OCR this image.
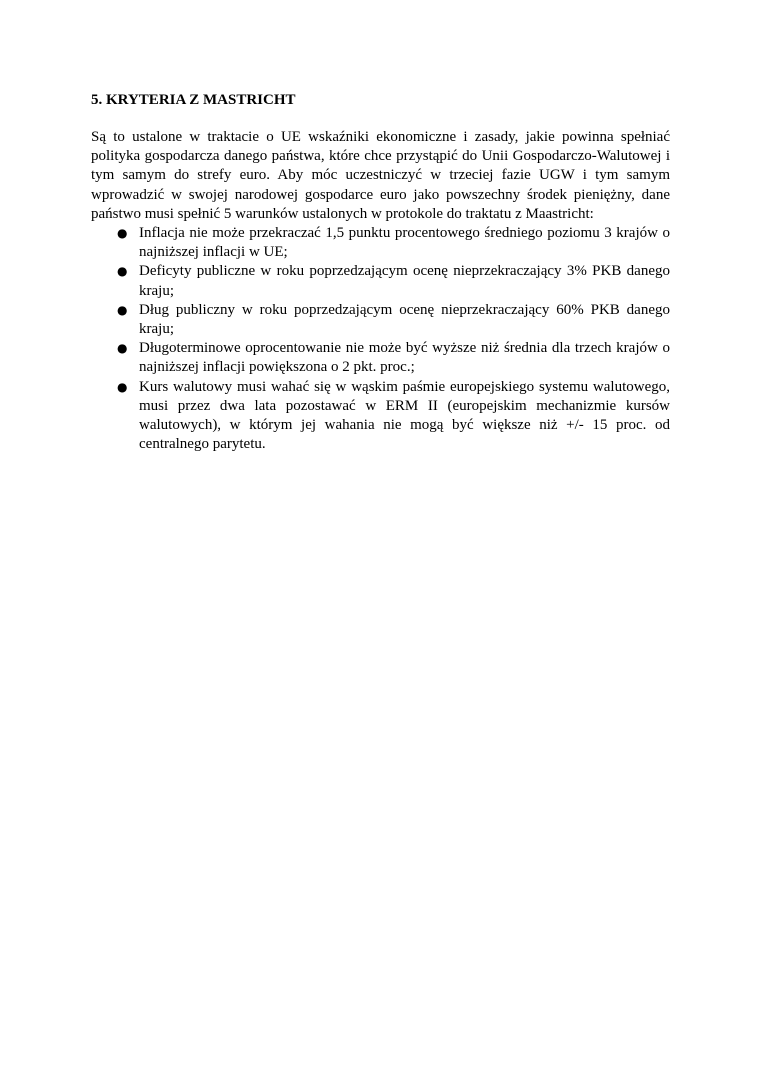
5. KRYTERIA Z MASTRICHT

Są to ustalone w traktacie o UE wskaźniki ekonomiczne i zasady, jakie powinna spełniać polityka gospodarcza danego państwa, które chce przystąpić do Unii Gospodarczo-Walutowej i tym samym do strefy euro. Aby móc uczestniczyć w trzeciej fazie UGW i tym samym wprowadzić w swojej narodowej gospodarce euro jako powszechny środek pieniężny, dane państwo musi spełnić 5 warunków ustalonych w protokole do traktatu z Maastricht:

● Inflacja nie może przekraczać 1,5 punktu procentowego średniego poziomu 3 krajów o najniższej inflacji w UE;
● Deficyty publiczne w roku poprzedzającym ocenę nieprzekraczający 3% PKB danego kraju;
● Dług publiczny w roku poprzedzającym ocenę nieprzekraczający 60% PKB danego kraju;
● Długoterminowe oprocentowanie nie może być wyższe niż średnia dla trzech krajów o najniższej inflacji powiększona o 2 pkt. proc.;
● Kurs walutowy musi wahać się w wąskim paśmie europejskiego systemu walutowego, musi przez dwa lata pozostawać w ERM II (europejskim mechanizmie kursów walutowych), w którym jej wahania nie mogą być większe niż +/- 15 proc. od centralnego parytetu.
